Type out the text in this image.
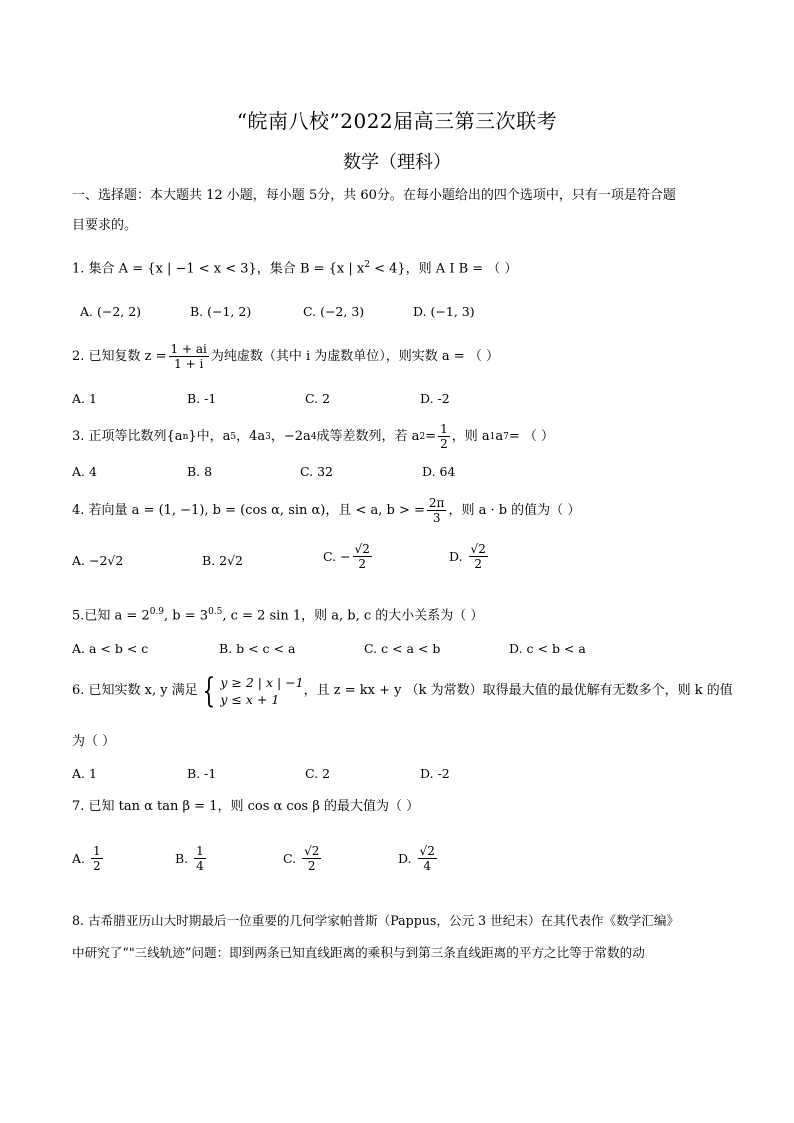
“皖南八校”2022届高三第三次联考
数学（理科）
一、选择题：本大题共 12 小题，每小题 5分，共 60分。在每小题给出的四个选项中，只有一项是符合题
目要求的。
1. 集合 A = {x | −1 < x < 3}，集合 B = {x | $x^2 < 4$}，则 A I B = （ ）
A. (−2, 2)	B. (−1, 2)	C. (−2, 3)	D. (−1, 3)
2. 已知复数 $z = \frac{1 + ai}{1 + i}$ 为纯虚数（其中 i 为虚数单位），则实数 a = （ ）
A. 1	B. -1	C. 2	D. -2
3. 正项等比数列{a n }中，a 5 ，4a 3 ，−2a 4 成等差数列，若 a $2 = \frac{1}{2}$ ，则 a 1 a 7 = （ ）
A. 4	B. 8	C. 32	D. 64
4. 若向量 a = (1, −1), b = (cos α, sin α)，且 < a, b > = $\frac{2\pi}{3}$ ，则 a · b 的值为（ ）
A. −2√2	B. 2√2	C. − $\frac{√2}{2}$	D.
$\frac{√2}{2}$
5.已知 $a = 2^{0.9}$, $b = 3^{0.5}$, c = 2 sin 1，则 a, b, c 的大小关系为（ ）
A. a < b < c	B. b < c < a	C. c < a < b	D. c < b < a
6. 已知实数 x, y 满足 { y ≥ 2 | x | −1
y ≤ x + 1
，且 z = kx + y （k 为常数）取得最大值的最优解有无数多个，则 k 的值
为（ ）
A. 1	B. -1	C. 2	D. -2
7. 已知 tan α tan β = 1，则 cos α cos β 的最大值为（ ）
A.
$\frac{1}{2}$	B.
$\frac{1}{4}$	C.
$\frac{√2}{2}$	D.
$\frac{√2}{4}$
8. 古希腊亚历山大时期最后一位重要的几何学家帕普斯（Pappus，公元 3 世纪末）在其代表作《数学汇编》
中研究了“"三线轨迹”问题：即到两条已知直线距离的乘积与到第三条直线距离的平方之比等于常数的动
